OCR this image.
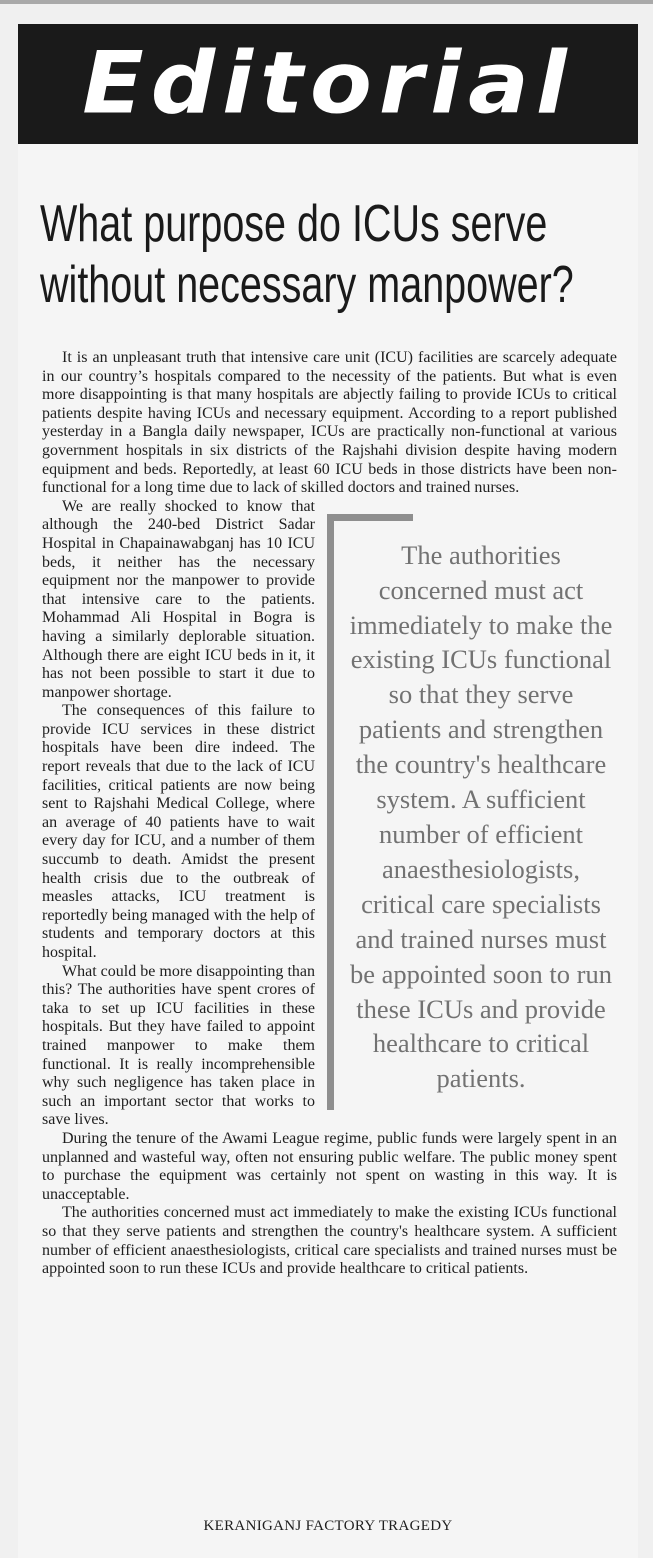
Editorial
What purpose do ICUs serve
without necessary manpower?

It is an unpleasant truth that intensive care unit (ICU) facilities are scarcely adequate in our country’s hospitals compared to the necessity of the patients. But what is even more disappointing is that many hospitals are abjectly failing to provide ICUs to critical patients despite having ICUs and necessary equipment. According to a report published yesterday in a Bangla daily newspaper, ICUs are practically non-functional at various government hospitals in six districts of the Rajshahi division despite having modern equipment and beds. Reportedly, at least 60 ICU beds in those districts have been non-functional for a long time due to lack of skilled doctors and trained nurses.

The authorities concerned must act immediately to make the existing ICUs functional so that they serve patients and strengthen the country's healthcare system. A sufficient number of efficient anaesthesiologists, critical care specialists and trained nurses must be appointed soon to run these ICUs and provide healthcare to critical patients.

We are really shocked to know that although the 240-bed District Sadar Hospital in Chapainawabganj has 10 ICU beds, it neither has the necessary equipment nor the manpower to provide that intensive care to the patients. Mohammad Ali Hospital in Bogra is having a similarly deplorable situation. Although there are eight ICU beds in it, it has not been possible to start it due to manpower shortage.

The consequences of this failure to provide ICU services in these district hospitals have been dire indeed. The report reveals that due to the lack of ICU facilities, critical patients are now being sent to Rajshahi Medical College, where an average of 40 patients have to wait every day for ICU, and a number of them succumb to death. Amidst the present health crisis due to the outbreak of measles attacks, ICU treatment is reportedly being managed with the help of students and temporary doctors at this hospital.

What could be more disappointing than this? The authorities have spent crores of taka to set up ICU facilities in these hospitals. But they have failed to appoint trained manpower to make them functional. It is really incomprehensible why such negligence has taken place in such an important sector that works to save lives.

During the tenure of the Awami League regime, public funds were largely spent in an unplanned and wasteful way, often not ensuring public welfare. The public money spent to purchase the equipment was certainly not spent on wasting in this way. It is unacceptable.

The authorities concerned must act immediately to make the existing ICUs functional so that they serve patients and strengthen the country's healthcare system. A sufficient number of efficient anaesthesiologists, critical care specialists and trained nurses must be appointed soon to run these ICUs and provide healthcare to critical patients.

KERANIGANJ FACTORY TRAGEDY
